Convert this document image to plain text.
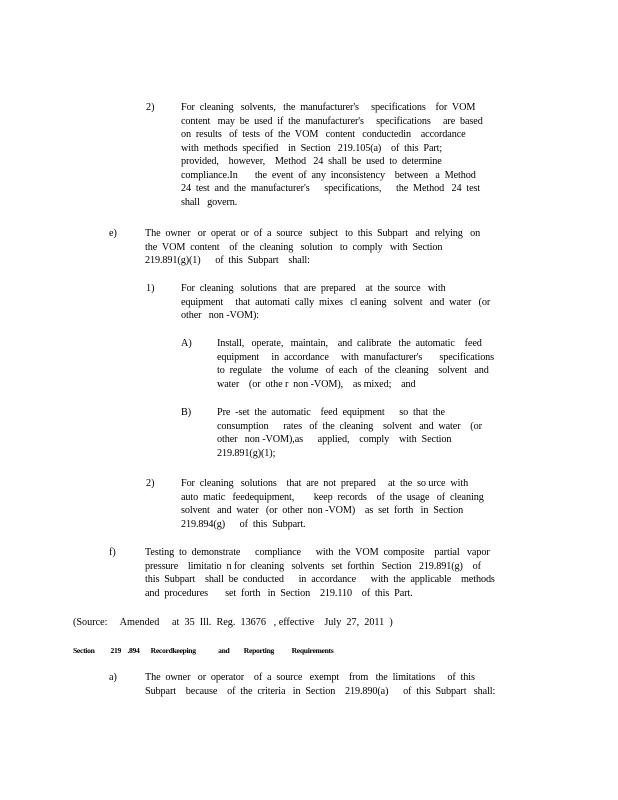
2)	For  cleaning   solvents,   the  manufacturer's     specifications    for  VOM
content   may  be  used  if  the  manufacturer's     specifications     are  based
on  results   of  tests  of  the  VOM   content   conductedin    accordance
with  methods  specified    in  Section   219.105(a)    of  this  Part;
provided,    however,    Method   24  shall  be  used  to  determine
compliance.In       the  event  of  any  inconsistency    between   a  Method
24  test  and  the  manufacturer's      specifications,      the  Method   24  test
shall   govern.
e)	The  owner   or  operat  or  of  a  source   subject   to  this  Subpart   and  relying   on
the  VOM  content    of  the  cleaning   solution   to  comply   with  Section
219.891(g)(1)      of  this  Subpart    shall:
1)	For  cleaning   solutions   that  are  prepared    at  the  source   with
equipment     that  automati  cally  mixes   cl eaning   solvent   and  water   (or
other   non -VOM):
A) Install,   operate,   maintain,    and  calibrate   the  automatic    feed
equipment     in  accordance     with  manufacturer's       specifications
to  regulate    the  volume   of  each   of  the  cleaning    solvent   and
water    (or  othe r  non -VOM),    as mixed;    and
B)	Pre  -set  the  automatic    feed  equipment      so  that  the
consumption      rates   of  the  cleaning    solvent   and  water    (or
other   non -VOM),as      applied,    comply    with  Section
219.891(g)(1);
2)	For  cleaning   solutions    that  are  not  prepared     at  the  so urce  with
auto  matic   feedequipment,        keep  records    of  the  usage   of  cleaning
solvent   and  water   (or  other  non -VOM)    as  set  forth   in  Section
219.894(g)      of  this  Subpart.
f)	Testing  to  demonstrate      compliance      with  the  VOM  composite    partial   vapor
pressure    limitatio  n for  cleaning   solvents   set  forthin   Section   219.891(g)    of
this  Subpart    shall  be  conducted      in  accordance      with  the  applicable    methods
and  procedures       set  forth   in  Section    219.110    of  this  Part.
(Source:     Amended     at  35  Ill.  Reg.  13676   , effective    July  27,  2011  )
Section          219    .894       Recordkeeping              and         Reporting           Requirements
a)	The  owner   or  operator    of  a  source   exempt    from   the  limitations     of  this
Subpart    because    of  the  criteria   in  Section    219.890(a)      of  this  Subpart   shall:
